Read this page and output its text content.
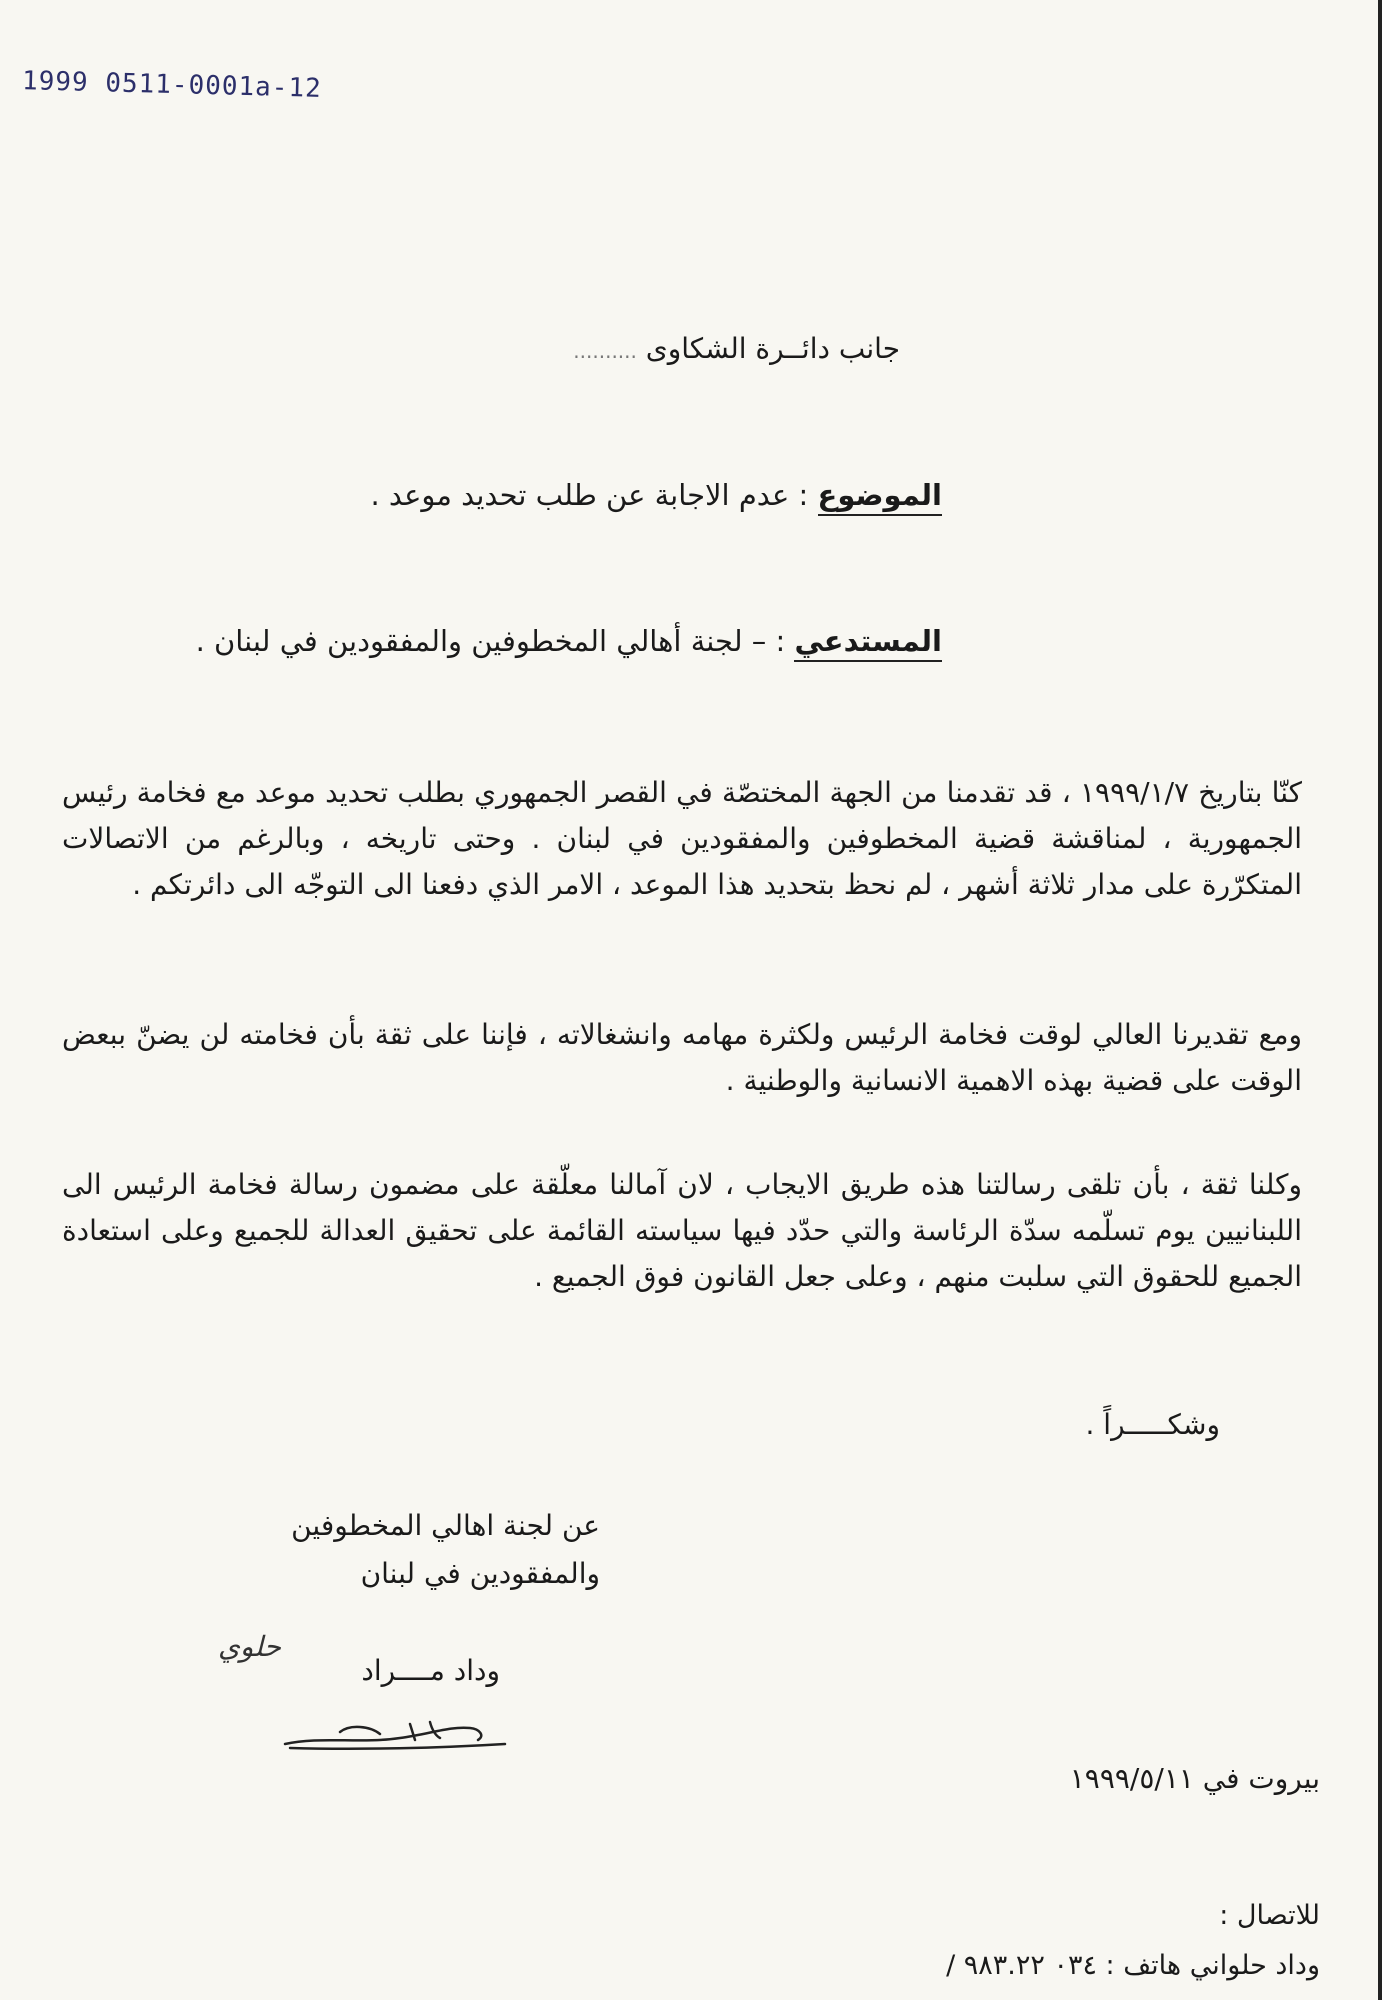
1999 0511-0001a-12
جانب دائــرة الشكاوى ..........
الموضوع : عدم الاجابة عن طلب تحديد موعد .
المستدعي : – لجنة أهالي المخطوفين والمفقودين في لبنان .
كنّا بتاريخ ١٩٩٩/١/٧ ، قد تقدمنا من الجهة المختصّة في القصر الجمهوري بطلب تحديد موعد مع فخامة رئيس الجمهورية ، لمناقشة قضية المخطوفين والمفقودين في لبنان . وحتى تاريخه ، وبالرغم من الاتصالات المتكرّرة على مدار ثلاثة أشهر ، لم نحظ بتحديد هذا الموعد ، الامر الذي دفعنا الى التوجّه الى دائرتكم .
ومع تقديرنا العالي لوقت فخامة الرئيس ولكثرة مهامه وانشغالاته ، فإننا على ثقة بأن فخامته لن يضنّ ببعض الوقت على قضية بهذه الاهمية الانسانية والوطنية .
وكلنا ثقة ، بأن تلقى رسالتنا هذه طريق الايجاب ، لان آمالنا معلّقة على مضمون رسالة فخامة الرئيس الى اللبنانيين يوم تسلّمه سدّة الرئاسة والتي حدّد فيها سياسته القائمة على تحقيق العدالة للجميع وعلى استعادة الجميع للحقوق التي سلبت منهم ، وعلى جعل القانون فوق الجميع .
وشكـــــراً .
عن لجنة اهالي المخطوفين
والمفقودين في لبنان
وداد مــــراد
حلوي
بيروت في ١٩٩٩/٥/١١
للاتصال :
وداد حلواني هاتف : ٠٣٤ ٩٨٣.٢٢ /
